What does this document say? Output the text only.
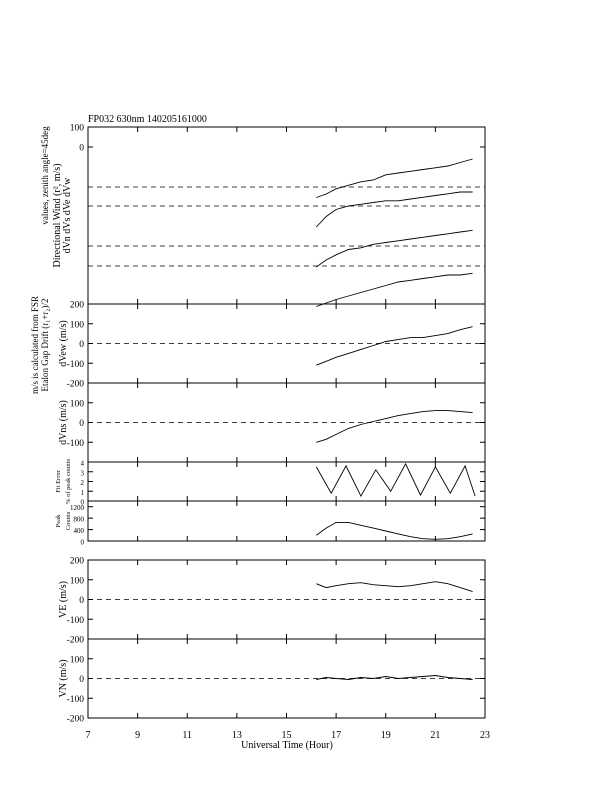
FP032 630nm 140205161000
Universal Time (Hour)
m/s is calculated from FSR Etalon Gap Drift (r₁+r₂)/2
100
0
200
Directional Wind (r², m/s) dVn dVs dVe dVw
values, zenith angle=45deg
100
0
-100
-200
dVew (m/s)
100
0
-100
dVns (m/s)
4
3
2
1
0
Fit Error % of peak counts
1200
800
400
0
Peak Counts
200
100
0
-100
-200
VE (m/s)
100
0
-100
-200
VN (m/s)
7	9	11	13	15	17	19	21	23
